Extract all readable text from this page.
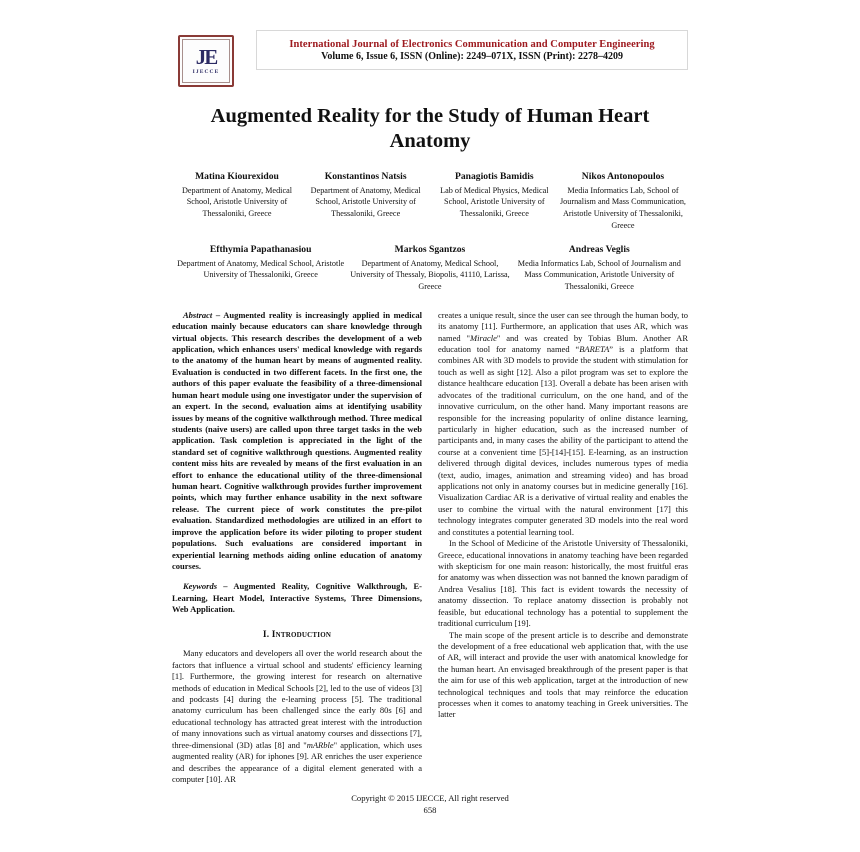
JE
IJECCE
International Journal of Electronics Communication and Computer Engineering
Volume 6, Issue 6, ISSN (Online): 2249–071X, ISSN (Print): 2278–4209
Augmented Reality for the Study of Human Heart Anatomy
Matina Kiourexidou
Department of Anatomy, Medical School, Aristotle University of Thessaloniki, Greece
Konstantinos Natsis
Department of Anatomy, Medical School, Aristotle University of Thessaloniki, Greece
Panagiotis Bamidis
Lab of Medical Physics, Medical School, Aristotle University of Thessaloniki, Greece
Nikos Antonopoulos
Media Informatics Lab, School of Journalism and Mass Communication, Aristotle University of Thessaloniki, Greece
Efthymia Papathanasiou
Department of Anatomy, Medical School, Aristotle University of Thessaloniki, Greece
Markos Sgantzos
Department of Anatomy, Medical School, University of Thessaly, Biopolis, 41110, Larissa, Greece
Andreas Veglis
Media Informatics Lab, School of Journalism and Mass Communication, Aristotle University of Thessaloniki, Greece

Abstract – Augmented reality is increasingly applied in medical education mainly because educators can share knowledge through virtual objects. This research describes the development of a web application, which enhances users' medical knowledge with regards to the anatomy of the human heart by means of augmented reality. Evaluation is conducted in two different facets. In the first one, the authors of this paper evaluate the feasibility of a three-dimensional human heart module using one investigator under the supervision of an expert. In the second, evaluation aims at identifying usability issues by means of the cognitive walkthrough method. Three medical students (naive users) are called upon three target tasks in the web application. Task completion is appreciated in the light of the standard set of cognitive walkthrough questions. Augmented reality content miss hits are revealed by means of the first evaluation in an effort to enhance the educational utility of the three-dimensional human heart. Cognitive walkthrough provides further improvement points, which may further enhance usability in the next software release. The current piece of work constitutes the pre-pilot evaluation. Standardized methodologies are utilized in an effort to improve the application before its wider piloting to proper student populations. Such evaluations are considered important in experiential learning methods aiding online education of anatomy courses.

Keywords – Augmented Reality, Cognitive Walkthrough, E-Learning, Heart Model, Interactive Systems, Three Dimensions, Web Application.

I. Introduction

Many educators and developers all over the world research about the factors that influence a virtual school and students' efficiency learning [1]. Furthermore, the growing interest for research on alternative methods of education in Medical Schools [2], led to the use of videos [3] and podcasts [4] during the e-learning process [5]. The traditional anatomy curriculum has been challenged since the early 80s [6] and educational technology has attracted great interest with the introduction of many innovations such as virtual anatomy courses and dissections [7], three-dimensional (3D) atlas [8] and "mARble" application, which uses augmented reality (AR) for iphones [9]. AR enriches the user experience and describes the appearance of a digital element generated with a computer [10]. AR

creates a unique result, since the user can see through the human body, to its anatomy [11]. Furthermore, an application that uses AR, which was named "Miracle" and was created by Tobias Blum. Another AR education tool for anatomy named “BARETA” is a platform that combines AR with 3D models to provide the student with stimulation for touch as well as sight [12]. Also a pilot program was set to explore the distance healthcare education [13]. Overall a debate has been arisen with advocates of the traditional curriculum, on the one hand, and of the innovative curriculum, on the other hand. Many important reasons are responsible for the increasing popularity of online distance learning, particularly in higher education, such as the increased number of participants and, in many cases the ability of the participant to attend the course at a convenient time [5]-[14]-[15]. E-learning, as an instruction delivered through digital devices, includes numerous types of media (text, audio, images, animation and streaming video) and has broad applications not only in anatomy courses but in medicine generally [16]. Visualization Cardiac AR is a derivative of virtual reality and enables the user to combine the virtual with the natural environment [17] this technology integrates computer generated 3D models into the real word and constitutes a potential learning tool.

In the School of Medicine of the Aristotle University of Thessaloniki, Greece, educational innovations in anatomy teaching have been regarded with skepticism for one main reason: historically, the most fruitful eras for anatomy was when dissection was not banned the known paradigm of Andrea Vesalius [18]. This fact is evident towards the necessity of anatomy dissection. To replace anatomy dissection is probably not feasible, but educational technology has a potential to supplement the traditional curriculum [19].

The main scope of the present article is to describe and demonstrate the development of a free educational web application that, with the use of AR, will interact and provide the user with anatomical knowledge for the human heart. An envisaged breakthrough of the present paper is that the aim for use of this web application, target at the introduction of new technological techniques and tools that may reinforce the education processes when it comes to anatomy teaching in Greek universities. The latter

Copyright © 2015 IJECCE, All right reserved
658
